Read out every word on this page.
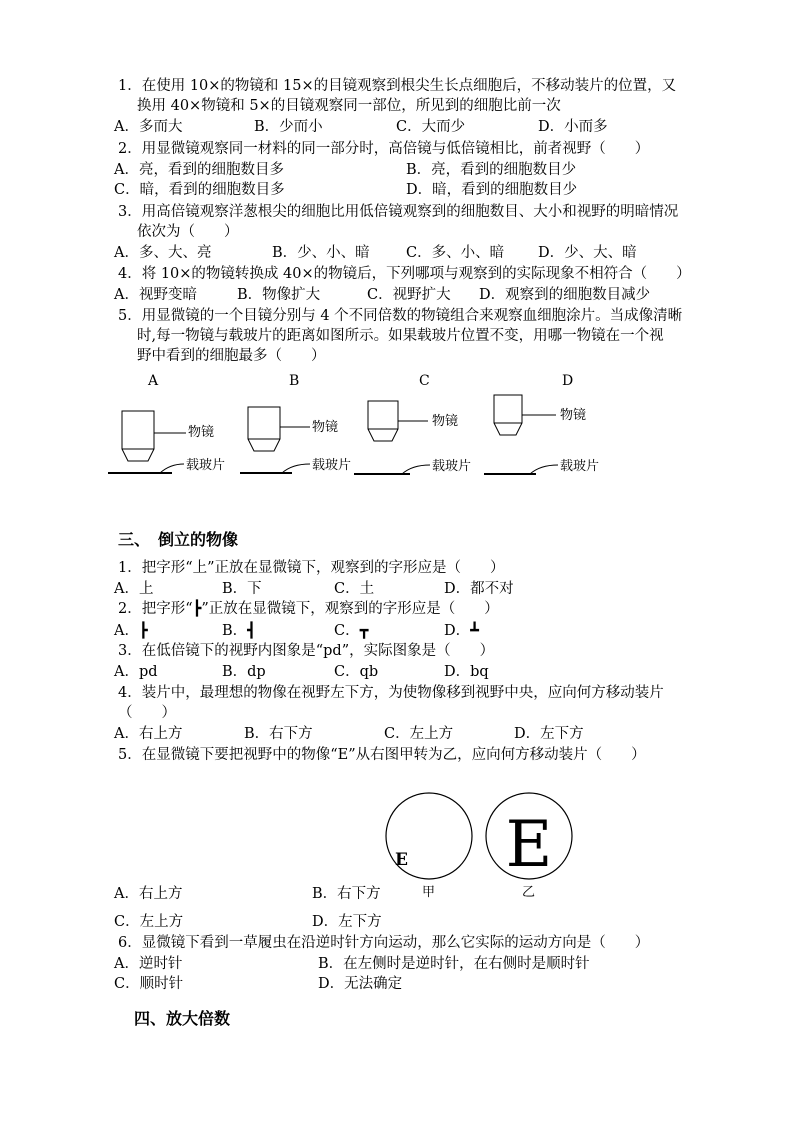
1．在使用 10×的物镜和 15×的目镜观察到根尖生长点细胞后，不移动装片的位置，又
换用 40×物镜和 5×的目镜观察同一部位，所见到的细胞比前一次
A．多而大	B．少而小	C．大而少	D．小而多
2．用显微镜观察同一材料的同一部分时，高倍镜与低倍镜相比，前者视野（　　）
A．亮，看到的细胞数目多	B．亮，看到的细胞数目少
C．暗，看到的细胞数目多	D．暗，看到的细胞数目少
3．用高倍镜观察洋葱根尖的细胞比用低倍镜观察到的细胞数目、大小和视野的明暗情况
依次为（　　）
A．多、大、亮	B．少、小、暗	C．多、小、暗 D．少、大、暗
4．将 10×的物镜转换成 40×的物镜后，下列哪项与观察到的实际现象不相符合（　　）
A．视野变暗	B．物像扩大	C．视野扩大 D．观察到的细胞数目减少
5．用显微镜的一个目镜分别与 4 个不同倍数的物镜组合来观察血细胞涂片。当成像清晰
时,每一物镜与载玻片的距离如图所示。如果载玻片位置不变，用哪一物镜在一个视
野中看到的细胞最多（　　）
A	B	C	D
物镜
载玻片
物镜
载玻片
物镜
载玻片
物镜
载玻片
三、　倒立的物像
1．把字形“上”正放在显微镜下，观察到的字形应是（　　）
A．上	B．下	C．土	D．都不对
2．把字形“┣”正放在显微镜下，观察到的字形应是（　　）
A．┣	B．┫	C．┳	D．┻
3．在低倍镜下的视野内图象是“pd”，实际图象是（　　）
A．pd	B．dp	C．qb	D．bq
4．装片中，最理想的物像在视野左下方，为使物像移到视野中央，应向何方移动装片
（　　）
A．右上方	B．右下方	C．左上方	D．左下方
5．在显微镜下要把视野中的物像“E”从右图甲转为乙，应向何方移动装片（　　）
E E
甲	乙
A．右上方	B．右下方
C．左上方	D．左下方
6．显微镜下看到一草履虫在沿逆时针方向运动，那么它实际的运动方向是（　　）
A．逆时针	B．在左侧时是逆时针，在右侧时是顺时针
C．顺时针	D．无法确定
四、放大倍数
